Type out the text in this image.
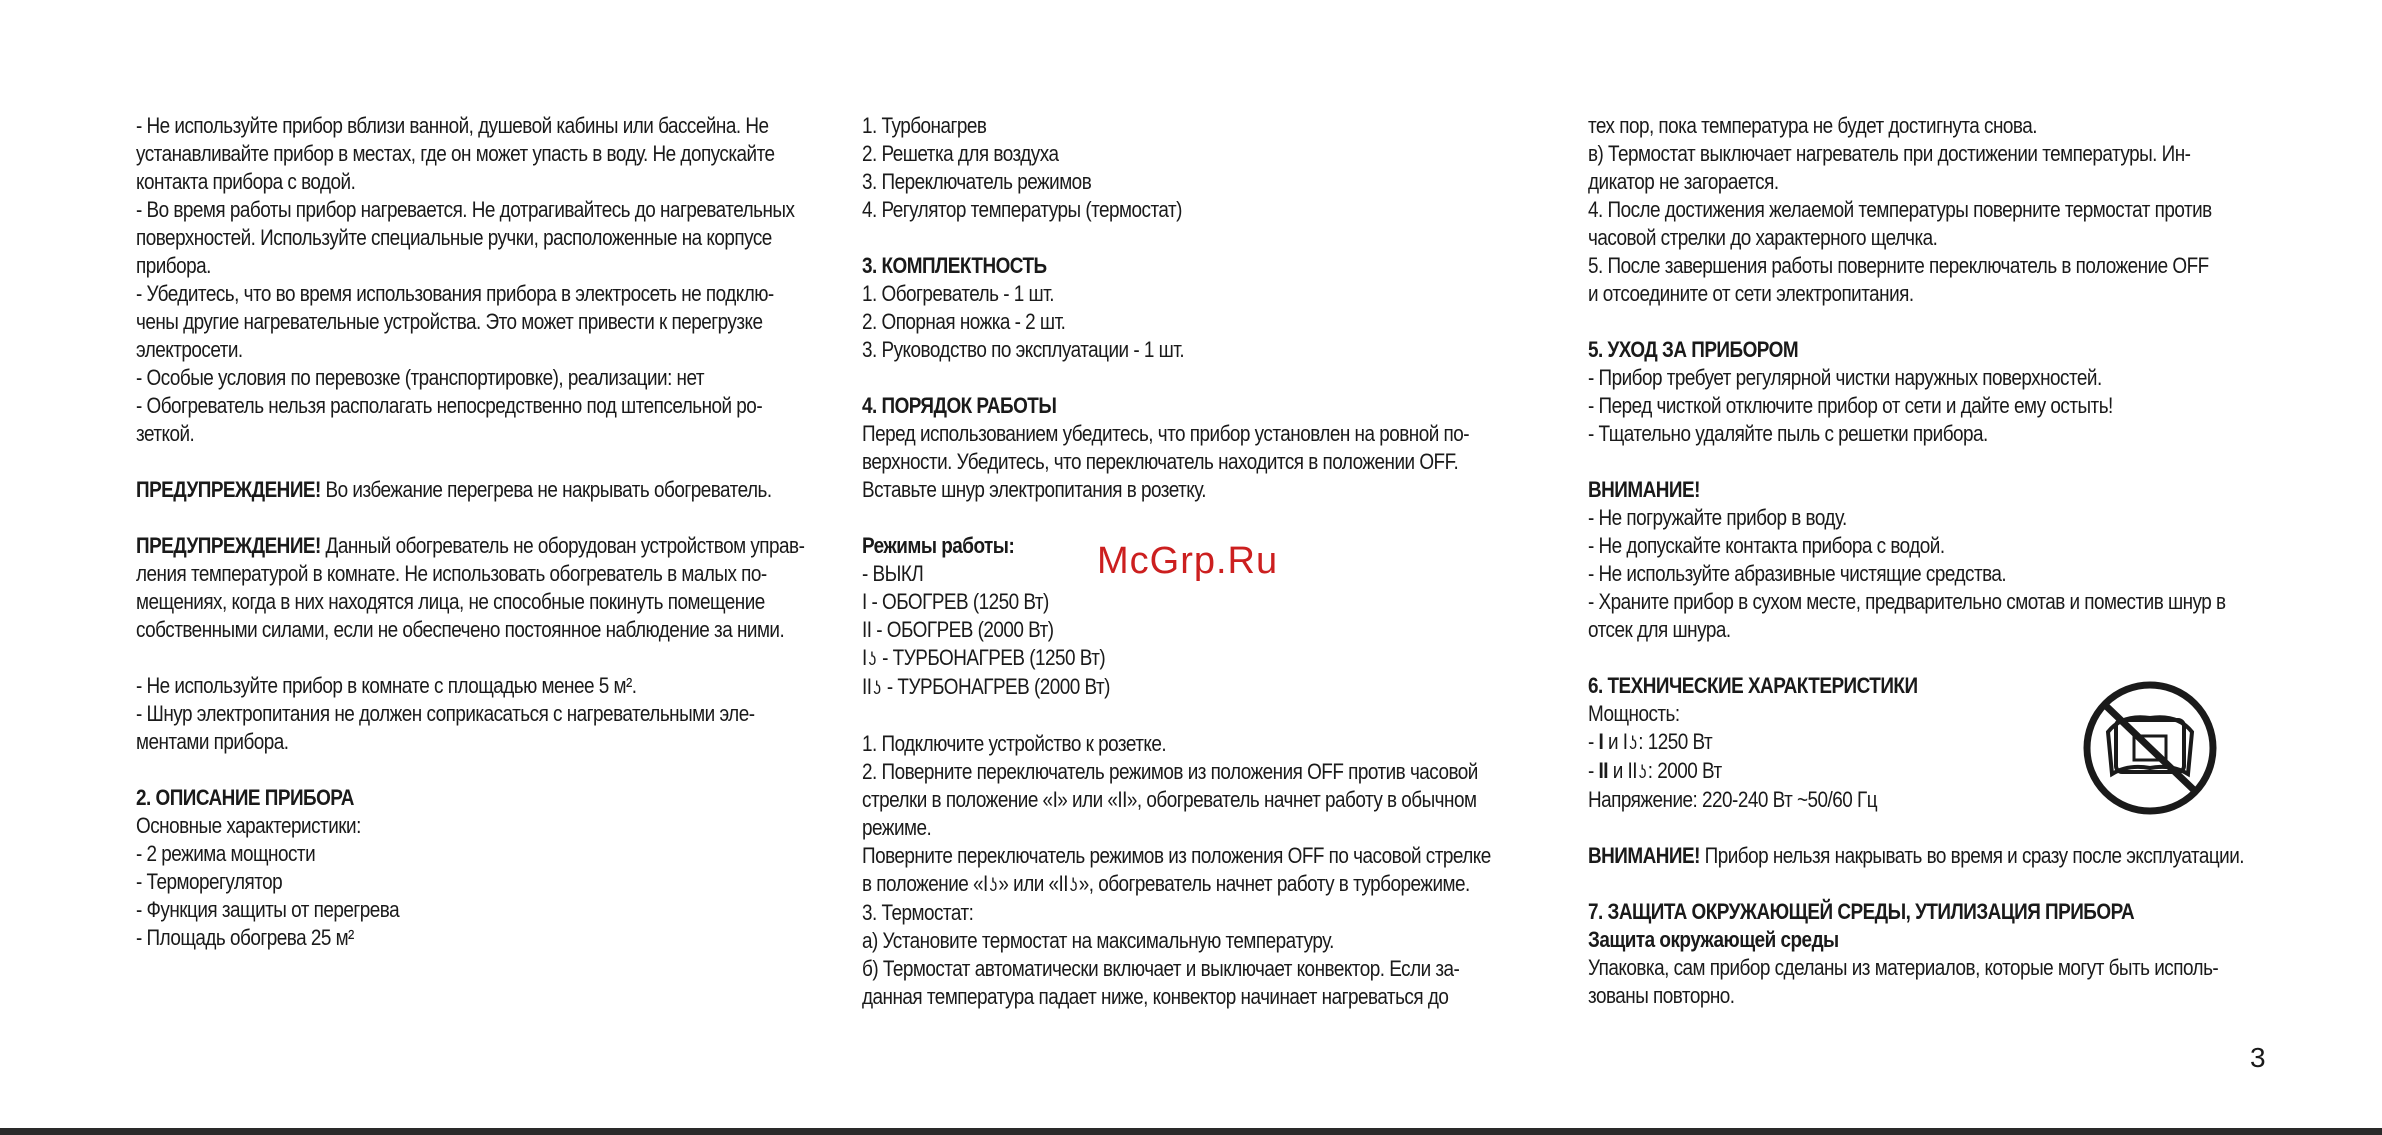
- Не используйте прибор вблизи ванной, душевой кабины или бассейна. Не

устанавливайте прибор в местах, где он может упасть в воду. Не допускайте

контакта прибора с водой.

- Во время работы прибор нагревается. Не дотрагивайтесь до нагревательных

поверхностей. Используйте специальные ручки, расположенные на корпусе

прибора.

- Убедитесь, что во время использования прибора в электросеть не подклю-

чены другие нагревательные устройства. Это может привести к перегрузке

электросети.

- Особые условия по перевозке (транспортировке), реализации: нет

- Обогреватель нельзя располагать непосредственно под штепсельной ро-

зеткой.

ПРЕДУПРЕЖДЕНИЕ! Во избежание перегрева не накрывать обогреватель.

ПРЕДУПРЕЖДЕНИЕ! Данный обогреватель не оборудован устройством управ-

ления температурой в комнате. Не использовать обогреватель в малых по-

мещениях, когда в них находятся лица, не способные покинуть помещение

собственными силами, если не обеспечено постоянное наблюдение за ними.

- Не используйте прибор в комнате с площадью менее 5 м².

- Шнур электропитания не должен соприкасаться с нагревательными эле-

ментами прибора.

2. ОПИСАНИЕ ПРИБОРА

Основные характеристики:

- 2 режима мощности

- Терморегулятор

- Функция защиты от перегрева

- Площадь обогрева 25 м²

1. Турбонагрев

2. Решетка для воздуха

3. Переключатель режимов

4. Регулятор температуры (термостат)

3. КОМПЛЕКТНОСТЬ

1. Обогреватель - 1 шт.

2. Опорная ножка - 2 шт.

3. Руководство по эксплуатации - 1 шт.

4. ПОРЯДОК РАБОТЫ

Перед использованием убедитесь, что прибор установлен на ровной по-

верхности. Убедитесь, что переключатель находится в положении OFF.

Вставьте шнур электропитания в розетку.

Режимы работы:

- ВЫКЛ

I - ОБОГРЕВ (1250 Вт)

II - ОБОГРЕВ (2000 Вт)

Iʖ - ТУРБОНАГРЕВ (1250 Вт)

IIʖ - ТУРБОНАГРЕВ (2000 Вт)

1. Подключите устройство к розетке.

2. Поверните переключатель режимов из положения OFF против часовой

стрелки в положение «I» или «II», обогреватель начнет работу в обычном

режиме.

Поверните переключатель режимов из положения OFF по часовой стрелке

в положение «Iʖ» или «IIʖ», обогреватель начнет работу в турборежиме.

3. Термостат:

а) Установите термостат на максимальную температуру.

б) Термостат автоматически включает и выключает конвектор. Если за-

данная температура падает ниже, конвектор начинает нагреваться до

тех пор, пока температура не будет достигнута снова.

в) Термостат выключает нагреватель при достижении температуры. Ин-

дикатор не загорается.

4. После достижения желаемой температуры поверните термостат против

часовой стрелки до характерного щелчка.

5. После завершения работы поверните переключатель в положение OFF

и отсоедините от сети электропитания.

5. УХОД ЗА ПРИБОРОМ

- Прибор требует регулярной чистки наружных поверхностей.

- Перед чисткой отключите прибор от сети и дайте ему остыть!

- Тщательно удаляйте пыль с решетки прибора.

ВНИМАНИЕ!

- Не погружайте прибор в воду.

- Не допускайте контакта прибора с водой.

- Не используйте абразивные чистящие средства.

- Храните прибор в сухом месте, предварительно смотав и поместив шнур в

отсек для шнура.

6. ТЕХНИЧЕСКИЕ ХАРАКТЕРИСТИКИ

Мощность:

- I и Iʖ: 1250 Вт

- II и IIʖ: 2000 Вт

Напряжение: 220-240 Вт ~50/60 Гц

ВНИМАНИЕ! Прибор нельзя накрывать во время и сразу после эксплуатации.

7. ЗАЩИТА ОКРУЖАЮЩЕЙ СРЕДЫ, УТИЛИЗАЦИЯ ПРИБОРА

Защита окружающей среды

Упаковка, сам прибор сделаны из материалов, которые могут быть исполь-

зованы повторно.

McGrp.Ru
3
